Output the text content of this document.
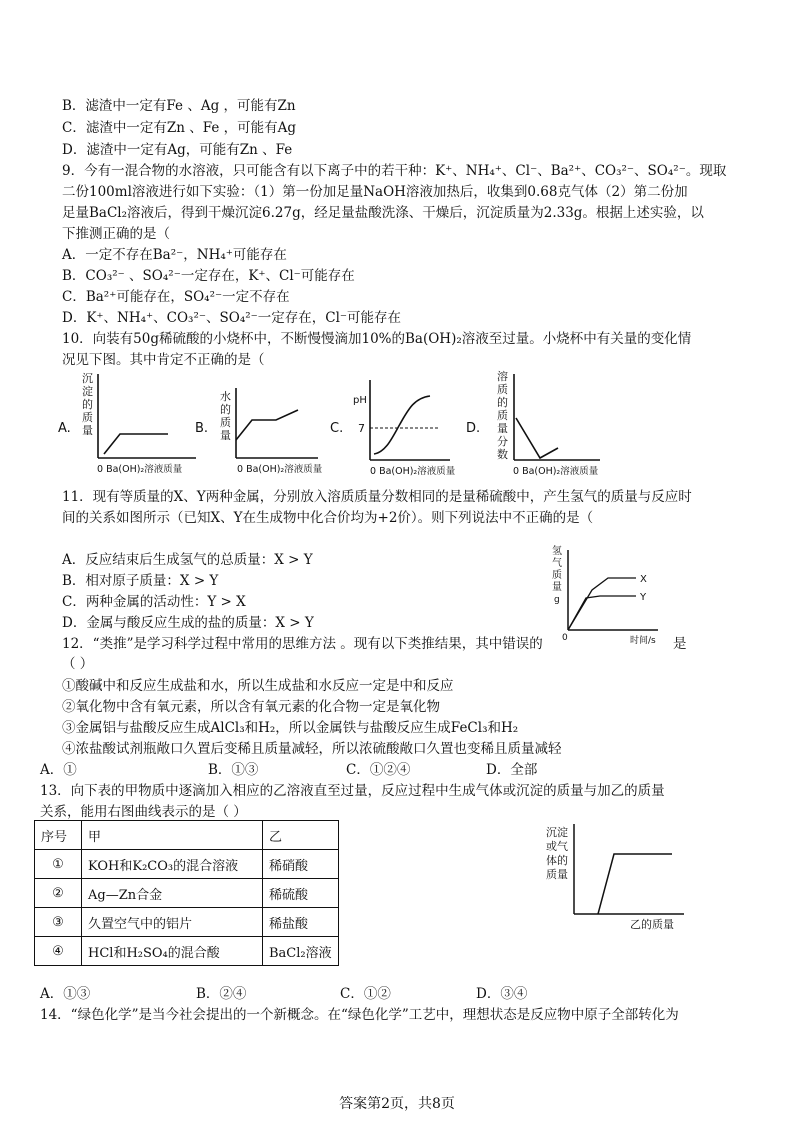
B．滤渣中一定有Fe 、Ag ，可能有Zn
C．滤渣中一定有Zn 、Fe ，可能有Ag
D．滤渣中一定有Ag，可能有Zn 、Fe
9．今有一混合物的水溶液，只可能含有以下离子中的若干种：K⁺、NH₄⁺、Cl⁻、Ba²⁺、CO₃²⁻、SO₄²⁻。现取
二份100ml溶液进行如下实验：（1）第一份加足量NaOH溶液加热后，收集到0.68克气体（2）第二份加
足量BaCl₂溶液后，得到干燥沉淀6.27g，经足量盐酸洗涤、干燥后，沉淀质量为2.33g。根据上述实验，以
下推测正确的是（
A．一定不存在Ba²⁻，NH₄⁺可能存在
B．CO₃²⁻ 、SO₄²⁻一定存在，K⁺、Cl⁻可能存在
C．Ba²⁺可能存在，SO₄²⁻一定不存在
D．K⁺、NH₄⁺、CO₃²⁻、SO₄²⁻一定存在，Cl⁻可能存在
10．向装有50g稀硫酸的小烧杯中，不断慢慢滴加10%的Ba(OH)₂溶液至过量。小烧杯中有关量的变化情
况见下图。其中肯定不正确的是（
A.
沉
淀
的
质
量
0 Ba(OH)₂溶液质量
B.
水
的
质
量
0 Ba(OH)₂溶液质量
C.
pH
7
0 Ba(OH)₂溶液质量
D.
溶
质
的
质
量
分
数
0 Ba(OH)₂溶液质量
11．现有等质量的X、Y两种金属，分别放入溶质质量分数相同的是量稀硫酸中，产生氢气的质量与反应时
间的关系如图所示（已知X、Y在生成物中化合价均为+2价）。则下列说法中不正确的是（
A．反应结束后生成氢气的总质量：X > Y
B．相对原子质量：X > Y
C．两种金属的活动性：Y > X
D．金属与酸反应生成的盐的质量：X > Y
氢
气
质
量
g
X
Y
0	时间/s
12．“类推”是学习科学过程中常用的思维方法 。现有以下类推结果，其中错误的	是
（ ）
①酸碱中和反应生成盐和水，所以生成盐和水反应一定是中和反应
②氧化物中含有氧元素，所以含有氧元素的化合物一定是氧化物
③金属铝与盐酸反应生成AlCl₃和H₂，所以金属铁与盐酸反应生成FeCl₃和H₂
④浓盐酸试剂瓶敞口久置后变稀且质量减轻，所以浓硫酸敞口久置也变稀且质量减轻
A．①	B．①③	C．①②④	D．全部
13．向下表的甲物质中逐滴加入相应的乙溶液直至过量，反应过程中生成气体或沉淀的质量与加乙的质量
关系，能用右图曲线表示的是（ ）
序号	甲	乙
①	KOH和K₂CO₃的混合溶液	稀硝酸
②	Ag—Zn合金	稀硫酸
③	久置空气中的铝片	稀盐酸
④	HCl和H₂SO₄的混合酸	BaCl₂溶液
沉淀
或气
体的
质量
乙的质量
A．①③	B．②④	C．①②	D．③④
14．“绿色化学”是当今社会提出的一个新概念。在“绿色化学”工艺中，理想状态是反应物中原子全部转化为
答案第2页，共8页
